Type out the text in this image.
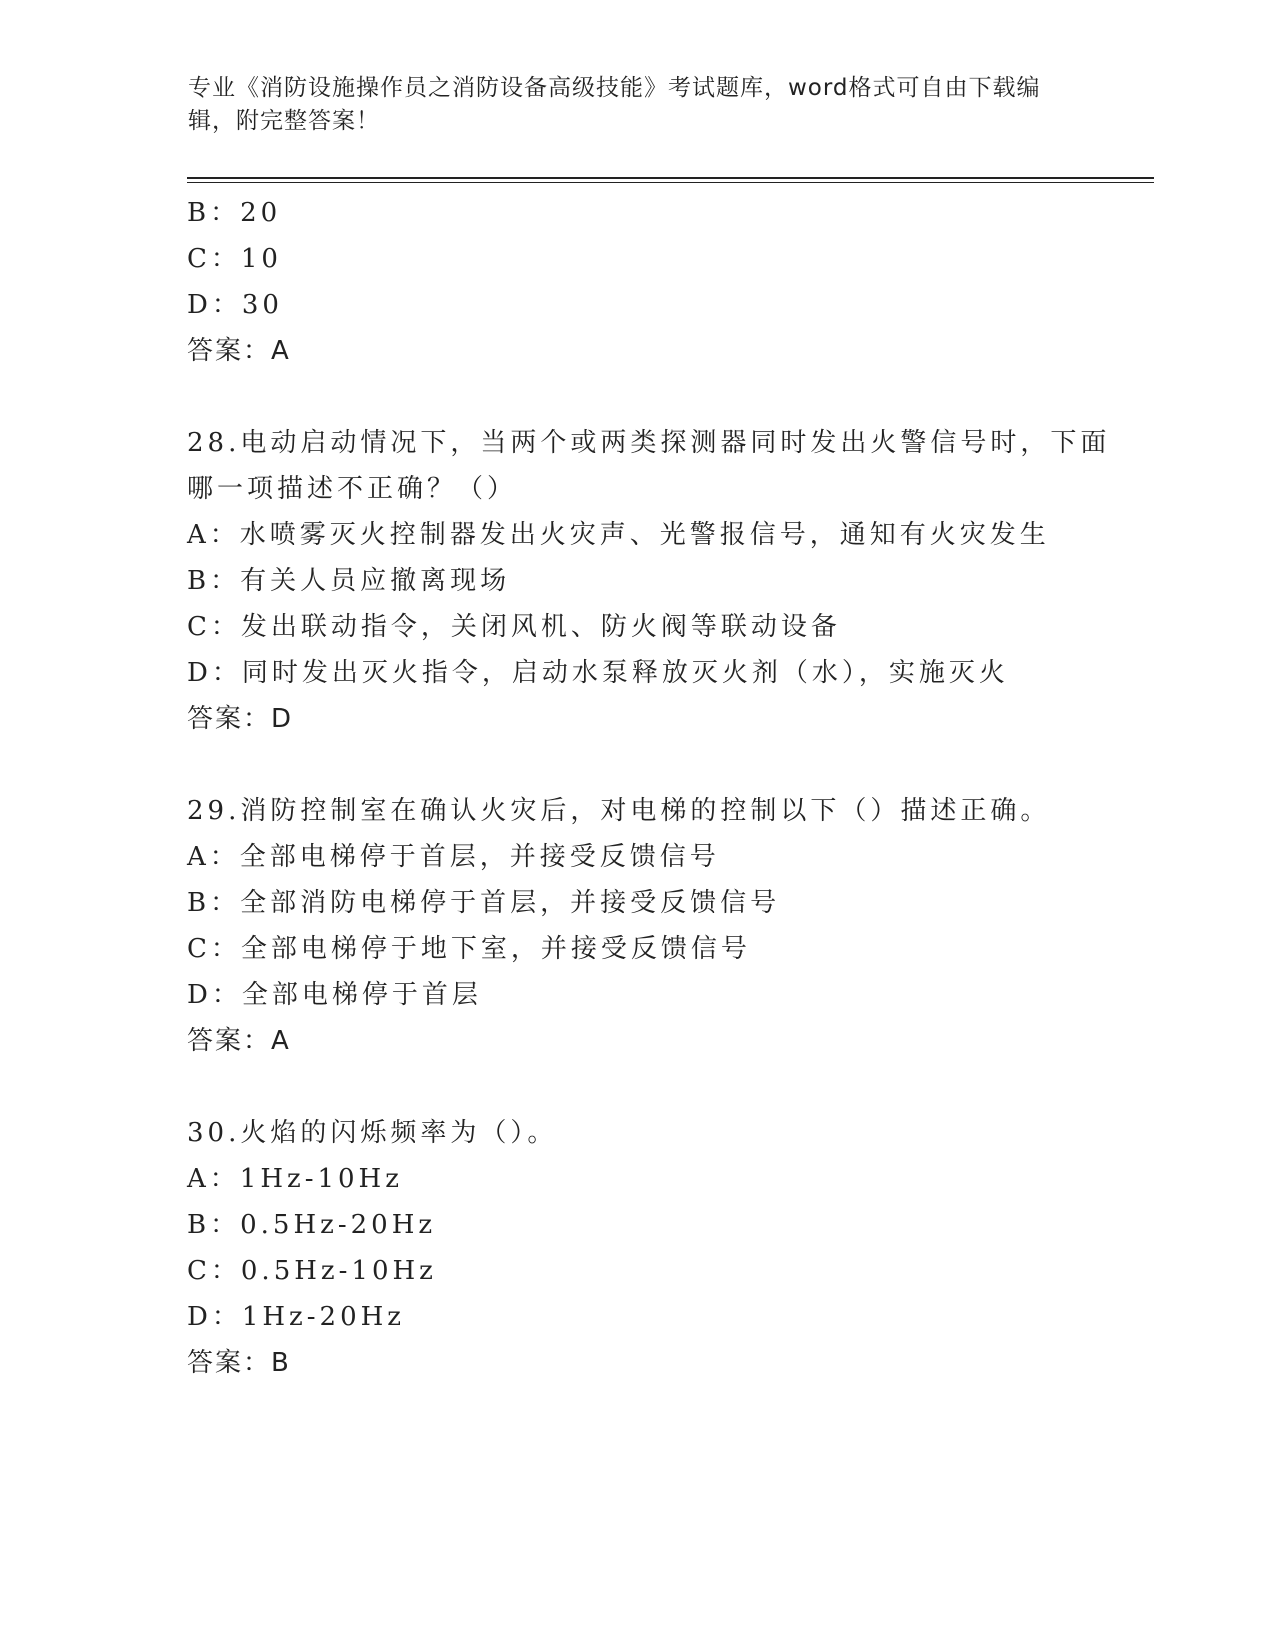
专业《消防设施操作员之消防设备高级技能》考试题库，word格式可自由下载编
辑，附完整答案！
B：20
C：10
D：30
答案：A
28.电动启动情况下，当两个或两类探测器同时发出火警信号时，下面
哪一项描述不正确？（）
A：水喷雾灭火控制器发出火灾声、光警报信号，通知有火灾发生
B：有关人员应撤离现场
C：发出联动指令，关闭风机、防火阀等联动设备
D：同时发出灭火指令，启动水泵释放灭火剂（水），实施灭火
答案：D
29.消防控制室在确认火灾后，对电梯的控制以下（）描述正确。
A：全部电梯停于首层，并接受反馈信号
B：全部消防电梯停于首层，并接受反馈信号
C：全部电梯停于地下室，并接受反馈信号
D：全部电梯停于首层
答案：A
30.火焰的闪烁频率为（）。
A：1Hz-10Hz
B：0.5Hz-20Hz
C：0.5Hz-10Hz
D：1Hz-20Hz
答案：B
